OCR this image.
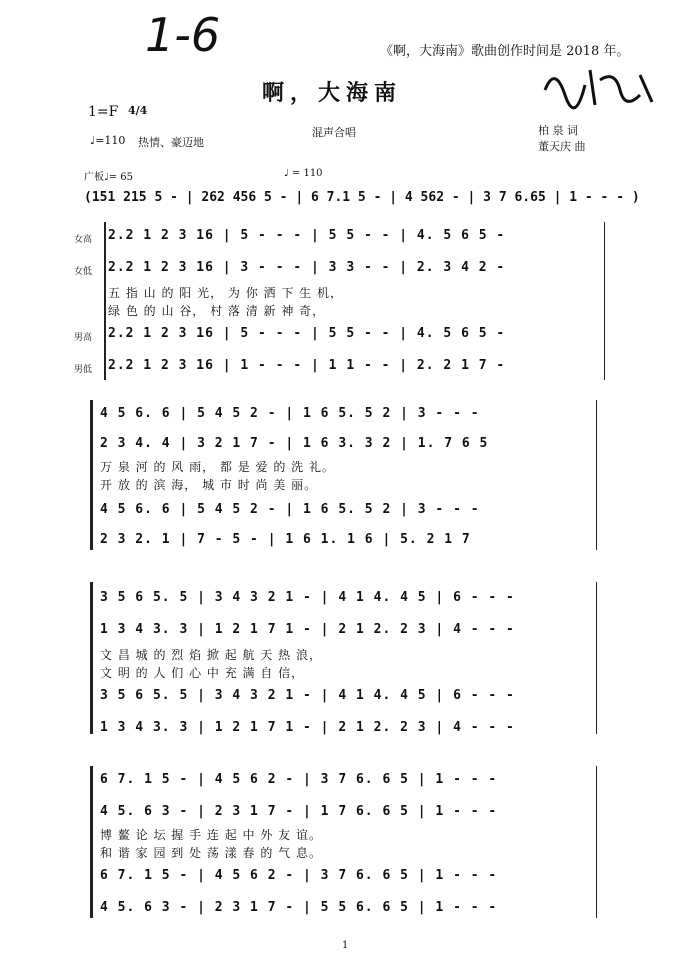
1-6	《啊，大海南》歌曲创作时间是 2018 年。
啊，大海南
1=F 4/4
♩=110 热情、豪迈地
混声合唱	柏 泉 词
董天庆 曲
广板♩= 65	♩ = 110
(151 215 5 - | 262 456 5 - | 6 7.1 5 - | 4 562 - | 3 7 6.65 | 1 - - - )
女高 2.2 1 2 3 16 | 5 - - - | 5 5 - - | 4. 5 6 5 -
女低 2.2 1 2 3 16 | 3 - - - | 3 3 - - | 2. 3 4 2 -
五 指 山 的 阳 光， 为 你 洒 下 生 机，
绿 色 的 山 谷， 村 落 清 新 神 奇，
男高 2.2 1 2 3 16 | 5 - - - | 5 5 - - | 4. 5 6 5 -
男低 2.2 1 2 3 16 | 1 - - - | 1 1 - - | 2. 2 1 7 -
4 5 6. 6 | 5 4 5 2 - | 1 6 5. 5 2 | 3 - - -
2 3 4. 4 | 3 2 1 7 - | 1 6 3. 3 2 | 1. 7 6 5
万 泉 河 的 风 雨， 都 是 爱 的 洗 礼。
开 放 的 滨 海， 城 市 时 尚 美 丽。
4 5 6. 6 | 5 4 5 2 - | 1 6 5. 5 2 | 3 - - -
2 3 2. 1 | 7 - 5 - | 1 6 1. 1 6 | 5. 2 1 7
3 5 6 5. 5 | 3 4 3 2 1 - | 4 1 4. 4 5 | 6 - - -
1 3 4 3. 3 | 1 2 1 7 1 - | 2 1 2. 2 3 | 4 - - -
文 昌 城 的 烈 焰 掀 起 航 天 热 浪，
文 明 的 人 们 心 中 充 满 自 信，
3 5 6 5. 5 | 3 4 3 2 1 - | 4 1 4. 4 5 | 6 - - -
1 3 4 3. 3 | 1 2 1 7 1 - | 2 1 2. 2 3 | 4 - - -
6 7. 1 5 - | 4 5 6 2 - | 3 7 6. 6 5 | 1 - - -
4 5. 6 3 - | 2 3 1 7 - | 1 7 6. 6 5 | 1 - - -
博 鳌 论 坛 握 手 连 起 中 外 友 谊。
和 谐 家 园 到 处 荡 漾 春 的 气 息。
6 7. 1 5 - | 4 5 6 2 - | 3 7 6. 6 5 | 1 - - -
4 5. 6 3 - | 2 3 1 7 - | 5 5 6. 6 5 | 1 - - -
1
